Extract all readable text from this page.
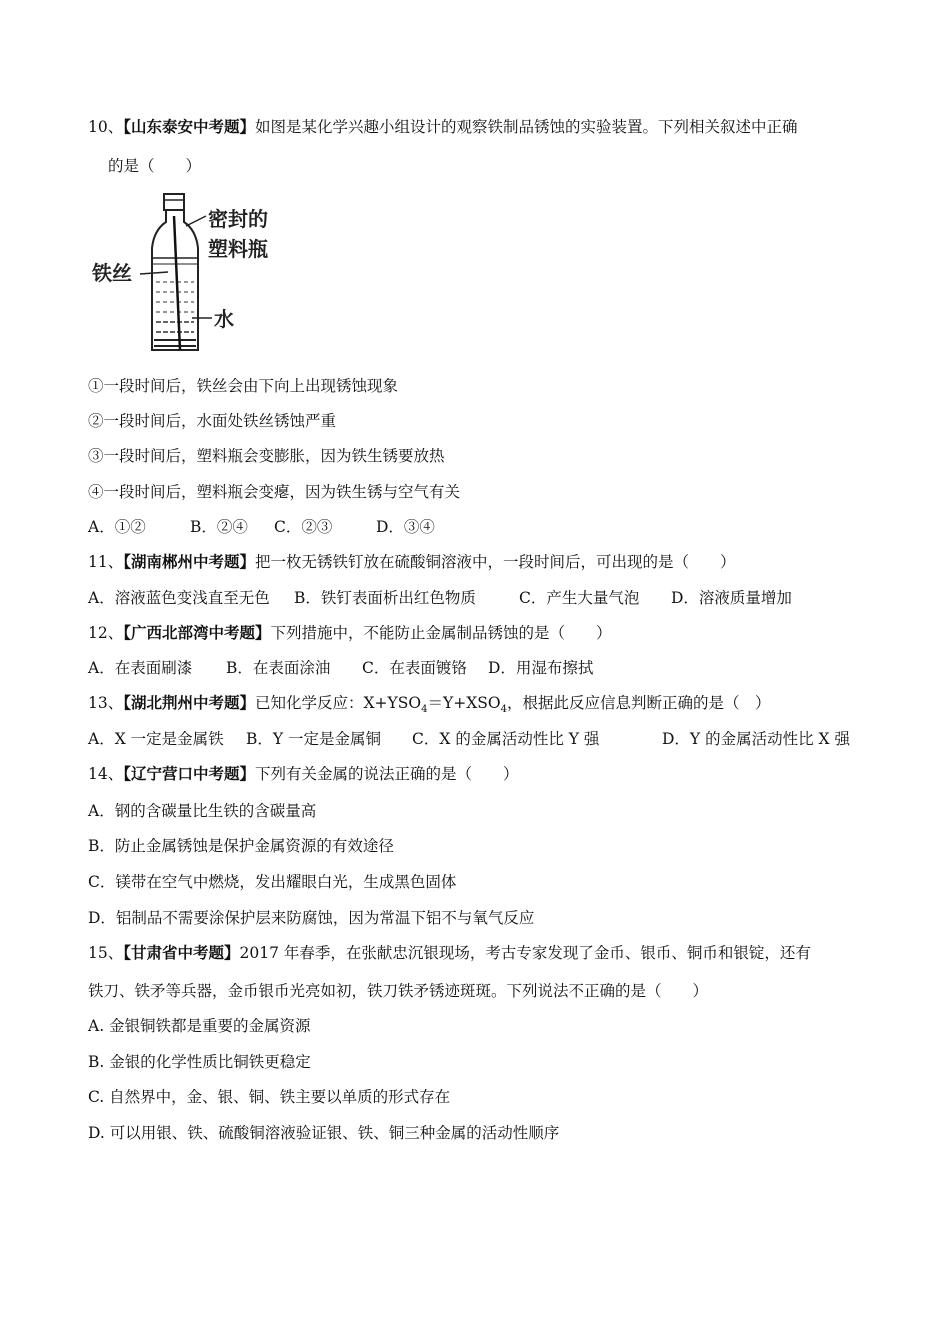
10、【山东泰安中考题】如图是某化学兴趣小组设计的观察铁制品锈蚀的实验装置。下列相关叙述中正确
的是（　　）
密封的
塑料瓶
铁丝
水
①一段时间后，铁丝会由下向上出现锈蚀现象
②一段时间后，水面处铁丝锈蚀严重
③一段时间后，塑料瓶会变膨胀，因为铁生锈要放热
④一段时间后，塑料瓶会变瘪，因为铁生锈与空气有关
A．①②	B．②④ C．②③	D．③④
11、【湖南郴州中考题】把一枚无锈铁钉放在硫酸铜溶液中，一段时间后，可出现的是（　　）
A．溶液蓝色变浅直至无色 B．铁钉表面析出红色物质	C．产生大量气泡 D．溶液质量增加
12、【广西北部湾中考题】下列措施中，不能防止金属制品锈蚀的是（　　）
A．在表面刷漆 B．在表面涂油 C．在表面镀铬 D．用湿布擦拭
13、【湖北荆州中考题】已知化学反应：$X+YSO_4=Y+XSO_4$，根据此反应信息判断正确的是（　）
A．X 一定是金属铁 B．Y 一定是金属铜 C．X 的金属活动性比 Y 强	D．Y 的金属活动性比 X 强
14、【辽宁营口中考题】下列有关金属的说法正确的是（　　）
A．钢的含碳量比生铁的含碳量高
B．防止金属锈蚀是保护金属资源的有效途径
C．镁带在空气中燃烧，发出耀眼白光，生成黑色固体
D．铝制品不需要涂保护层来防腐蚀，因为常温下铝不与氧气反应
15、【甘肃省中考题】2017 年春季，在张献忠沉银现场，考古专家发现了金币、银币、铜币和银锭，还有
铁刀、铁矛等兵器，金币银币光亮如初，铁刀铁矛锈迹斑斑。下列说法不正确的是（　　）
A. 金银铜铁都是重要的金属资源
B. 金银的化学性质比铜铁更稳定
C. 自然界中，金、银、铜、铁主要以单质的形式存在
D. 可以用银、铁、硫酸铜溶液验证银、铁、铜三种金属的活动性顺序
